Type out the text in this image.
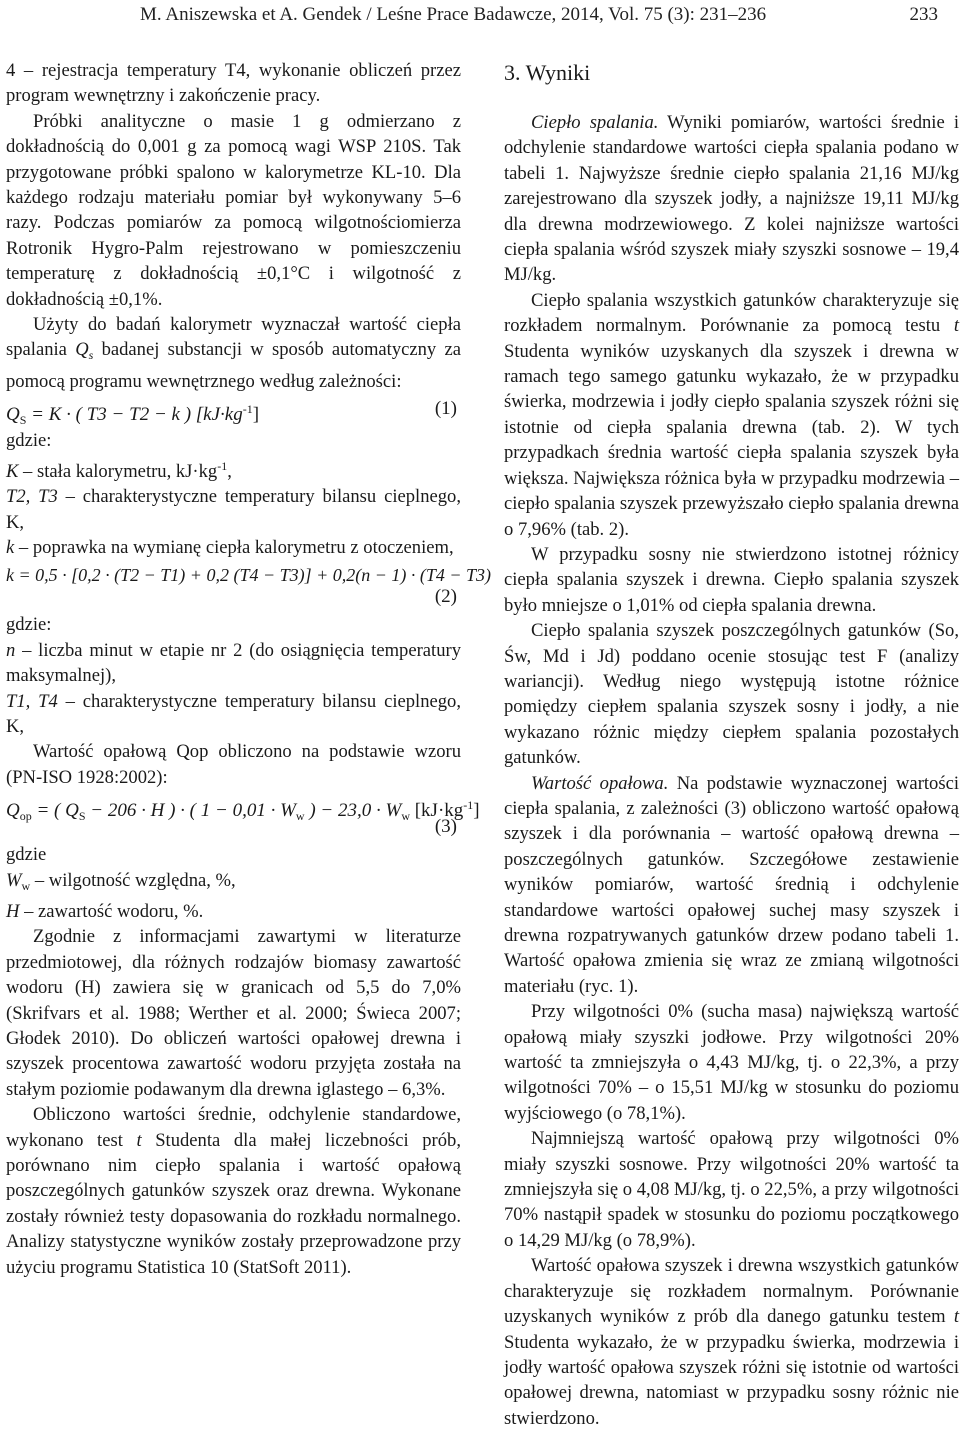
M. Aniszewska et A. Gendek / Leśne Prace Badawcze, 2014, Vol. 75 (3): 231–236	233

4 – rejestracja temperatury T4, wykonanie obliczeń przez program wewnętrzny i zakończenie pracy.

Próbki analityczne o masie 1 g odmierzano z dokładnością do 0,001 g za pomocą wagi WSP 210S. Tak przygotowane próbki spalono w kalorymetrze KL-10. Dla każdego rodzaju materiału pomiar był wykonywany 5–6 razy. Podczas pomiarów za pomocą wilgotnościomierza Rotronik Hygro-Palm rejestrowano w pomieszczeniu temperaturę z dokładnością ±0,1°C i wilgotność z dokładnością ±0,1%.

Użyty do badań kalorymetr wyznaczał wartość ciepła spalania $Q_s$ badanej substancji w sposób automatyczny za pomocą programu wewnętrznego według zależności:

$Q_S = K$ · ( T3 − T2 − k ) $[kJ\cdot kg^{-1}]$	(1)
gdzie:
K – stała kalorymetru, $kJ\cdot kg^{-1}$,
T2, T3 – charakterystyczne temperatury bilansu cieplnego, K,
k – poprawka na wymianę ciepła kalorymetru z otoczeniem,
k = 0,5 · [0,2 · (T2 − T1) + 0,2 (T4 − T3)] + 0,2(n − 1) · (T4 − T3)
(2)
gdzie:
n – liczba minut w etapie nr 2 (do osiągnięcia temperatury maksymalnej),
T1, T4 – charakterystyczne temperatury bilansu cieplnego, K,

Wartość opałową Qop obliczono na podstawie wzoru (PN-ISO 1928:2002):

$Q_{op}$ = ( $Q_S - 206 \cdot H$ ) · ( $1 - 0,01 \cdot W_w$ ) − $23,0 \cdot W_w$ $[kJ\cdot kg^{-1}]$
(3)
gdzie
$W_w$ – wilgotność względna, %,
H – zawartość wodoru, %.

Zgodnie z informacjami zawartymi w literaturze przedmiotowej, dla różnych rodzajów biomasy zawartość wodoru (H) zawiera się w granicach od 5,5 do 7,0% (Skrifvars et al. 1988; Werther et al. 2000; Świeca 2007; Głodek 2010). Do obliczeń wartości opałowej drewna i szyszek procentowa zawartość wodoru przyjęta została na stałym poziomie podawanym dla drewna iglastego – 6,3%.

Obliczono wartości średnie, odchylenie standardowe, wykonano test t Studenta dla małej liczebności prób, porównano nim ciepło spalania i wartość opałową poszczególnych gatunków szyszek oraz drewna. Wykonane zostały również testy dopasowania do rozkładu normalnego. Analizy statystyczne wyników zostały przeprowadzone przy użyciu programu Statistica 10 (StatSoft 2011).

3. Wyniki

Ciepło spalania. Wyniki pomiarów, wartości średnie i odchylenie standardowe wartości ciepła spalania podano w tabeli 1. Najwyższe średnie ciepło spalania 21,16 MJ/kg zarejestrowano dla szyszek jodły, a najniższe 19,11 MJ/kg dla drewna modrzewiowego. Z kolei najniższe wartości ciepła spalania wśród szyszek miały szyszki sosnowe – 19,4 MJ/kg.

Ciepło spalania wszystkich gatunków charakteryzuje się rozkładem normalnym. Porównanie za pomocą testu t Studenta wyników uzyskanych dla szyszek i drewna w ramach tego samego gatunku wykazało, że w przypadku świerka, modrzewia i jodły ciepło spalania szyszek różni się istotnie od ciepła spalania drewna (tab. 2). W tych przypadkach średnia wartość ciepła spalania szyszek była większa. Największa różnica była w przypadku modrzewia – ciepło spalania szyszek przewyższało ciepło spalania drewna o 7,96% (tab. 2).

W przypadku sosny nie stwierdzono istotnej różnicy ciepła spalania szyszek i drewna. Ciepło spalania szyszek było mniejsze o 1,01% od ciepła spalania drewna.

Ciepło spalania szyszek poszczególnych gatunków (So, Św, Md i Jd) poddano ocenie stosując test F (analizy wariancji). Według niego występują istotne różnice pomiędzy ciepłem spalania szyszek sosny i jodły, a nie wykazano różnic między ciepłem spalania pozostałych gatunków.

Wartość opałowa. Na podstawie wyznaczonej wartości ciepła spalania, z zależności (3) obliczono wartość opałową szyszek i dla porównania – wartość opałową drewna – poszczególnych gatunków. Szczegółowe zestawienie wyników pomiarów, wartość średnią i odchylenie standardowe wartości opałowej suchej masy szyszek i drewna rozpatrywanych gatunków drzew podano tabeli 1. Wartość opałowa zmienia się wraz ze zmianą wilgotności materiału (ryc. 1).

Przy wilgotności 0% (sucha masa) największą wartość opałową miały szyszki jodłowe. Przy wilgotności 20% wartość ta zmniejszyła o 4,43 MJ/kg, tj. o 22,3%, a przy wilgotności 70% – o 15,51 MJ/kg w stosunku do poziomu wyjściowego (o 78,1%).

Najmniejszą wartość opałową przy wilgotności 0% miały szyszki sosnowe. Przy wilgotności 20% wartość ta zmniejszyła się o 4,08 MJ/kg, tj. o 22,5%, a przy wilgotności 70% nastąpił spadek w stosunku do poziomu początkowego o 14,29 MJ/kg (o 78,9%).

Wartość opałowa szyszek i drewna wszystkich gatunków charakteryzuje się rozkładem normalnym. Porównanie uzyskanych wyników z prób dla danego gatunku testem t Studenta wykazało, że w przypadku świerka, modrzewia i jodły wartość opałowa szyszek różni się istotnie od wartości opałowej drewna, natomiast w przypadku sosny różnic nie stwierdzono.
